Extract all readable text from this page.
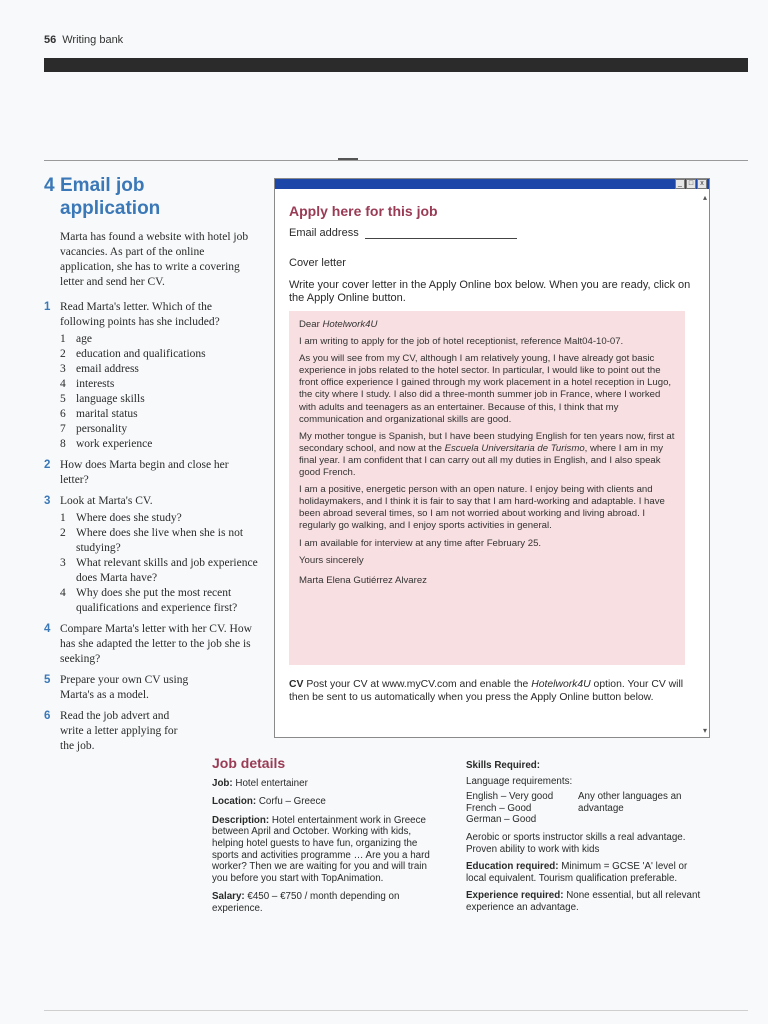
56 Writing bank
4 Email job
application
Marta has found a website with hotel job vacancies. As part of the online application, she has to write a covering letter and send her CV.
1 Read Marta's letter. Which of the following points has she included?
1 age
2 education and qualifications
3 email address
4 interests
5 language skills
6 marital status
7 personality
8 work experience
2 How does Marta begin and close her letter?
3 Look at Marta's CV.
1 Where does she study?
2 Where does she live when she is not studying?
3 What relevant skills and job experience does Marta have?
4 Why does she put the most recent qualifications and experience first?
4 Compare Marta's letter with her CV. How has she adapted the letter to the job she is seeking?
5 Prepare your own CV using Marta's as a model.
6 Read the job advert and write a letter applying for the job.
_ □	x
▴
Apply here for this job
Email address
Cover letter
Write your cover letter in the Apply Online box below. When you are ready, click on the Apply Online button.

Dear Hotelwork4U

I am writing to apply for the job of hotel receptionist, reference Malt04-10-07.

As you will see from my CV, although I am relatively young, I have already got basic experience in jobs related to the hotel sector. In particular, I would like to point out the front office experience I gained through my work placement in a hotel reception in Lugo, the city where I study. I also did a three-month summer job in France, where I worked with adults and teenagers as an entertainer. Because of this, I think that my communication and organizational skills are good.

My mother tongue is Spanish, but I have been studying English for ten years now, first at secondary school, and now at the Escuela Universitaria de Turismo, where I am in my final year. I am confident that I can carry out all my duties in English, and I also speak good French.

I am a positive, energetic person with an open nature. I enjoy being with clients and holidaymakers, and I think it is fair to say that I am hard-working and adaptable. I have been abroad several times, so I am not worried about working and living abroad. I regularly go walking, and I enjoy sports activities in general.

I am available for interview at any time after February 25.

Yours sincerely

Marta Elena Gutiérrez Alvarez

CV Post your CV at www.myCV.com and enable the Hotelwork4U option. Your CV will then be sent to us automatically when you press the Apply Online button below.
▾
Job details

Job: Hotel entertainer

Location: Corfu – Greece

Description: Hotel entertainment work in Greece between April and October. Working with kids, helping hotel guests to have fun, organizing the sports and activities programme … Are you a hard worker? Then we are waiting for you and will train you before you start with TopAnimation.

Salary: €450 – €750 / month depending on experience.

Skills Required:

Language requirements:

English – Very good
French – Good
German – Good
Any other languages an advantage

Aerobic or sports instructor skills a real advantage. Proven ability to work with kids

Education required: Minimum = GCSE 'A' level or local equivalent. Tourism qualification preferable.

Experience required: None essential, but all relevant experience an advantage.
